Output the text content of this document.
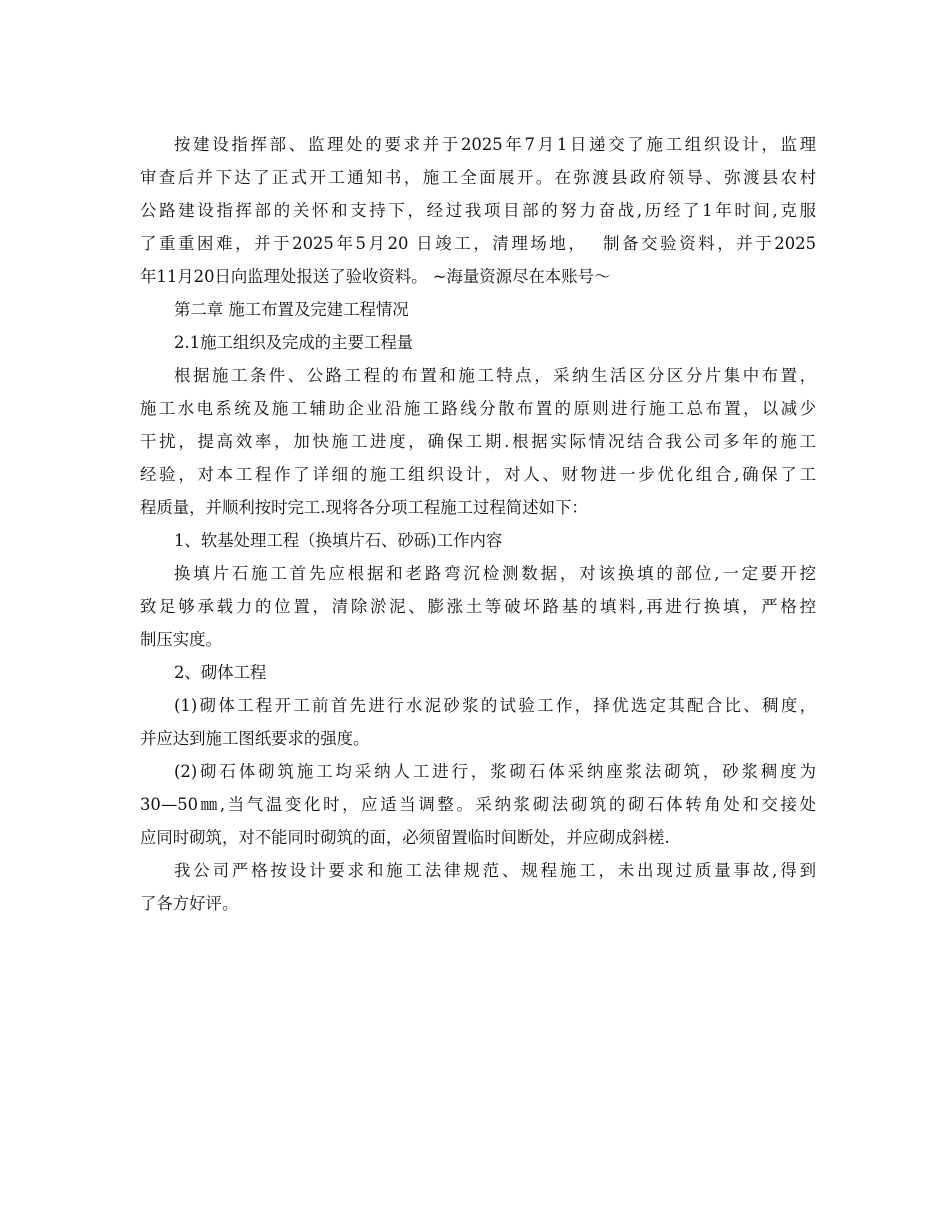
按建设指挥部、监理处的要求并于2025年7月1日递交了施工组织设计，监理
审查后并下达了正式开工通知书，施工全面展开。在弥渡县政府领导、弥渡县农村
公路建设指挥部的关怀和支持下，经过我项目部的努力奋战,历经了1年时间,克服
了重重困难，并于2025年5月20 日竣工，清理场地，  制备交验资料，并于2025
年11月20日向监理处报送了验收资料。 ~海量资源尽在本账号～
第二章 施工布置及完建工程情况
2.1施工组织及完成的主要工程量
根据施工条件、公路工程的布置和施工特点，采纳生活区分区分片集中布置，
施工水电系统及施工辅助企业沿施工路线分散布置的原则进行施工总布置，以减少
干扰，提高效率，加快施工进度，确保工期.根据实际情况结合我公司多年的施工
经验，对本工程作了详细的施工组织设计，对人、财物进一步优化组合,确保了工
程质量，并顺利按时完工.现将各分项工程施工过程简述如下：
1、软基处理工程（换填片石、砂砾)工作内容
换填片石施工首先应根据和老路弯沉检测数据，对该换填的部位,一定要开挖
致足够承载力的位置，清除淤泥、膨涨土等破坏路基的填料,再进行换填，严格控
制压实度。
2、砌体工程
(1)砌体工程开工前首先进行水泥砂浆的试验工作，择优选定其配合比、稠度，
并应达到施工图纸要求的强度。
(2)砌石体砌筑施工均采纳人工进行，浆砌石体采纳座浆法砌筑，砂浆稠度为
30—50㎜,当气温变化时，应适当调整。采纳浆砌法砌筑的砌石体转角处和交接处
应同时砌筑，对不能同时砌筑的面，必须留置临时间断处，并应砌成斜槎.
我公司严格按设计要求和施工法律规范、规程施工，未出现过质量事故,得到
了各方好评。
